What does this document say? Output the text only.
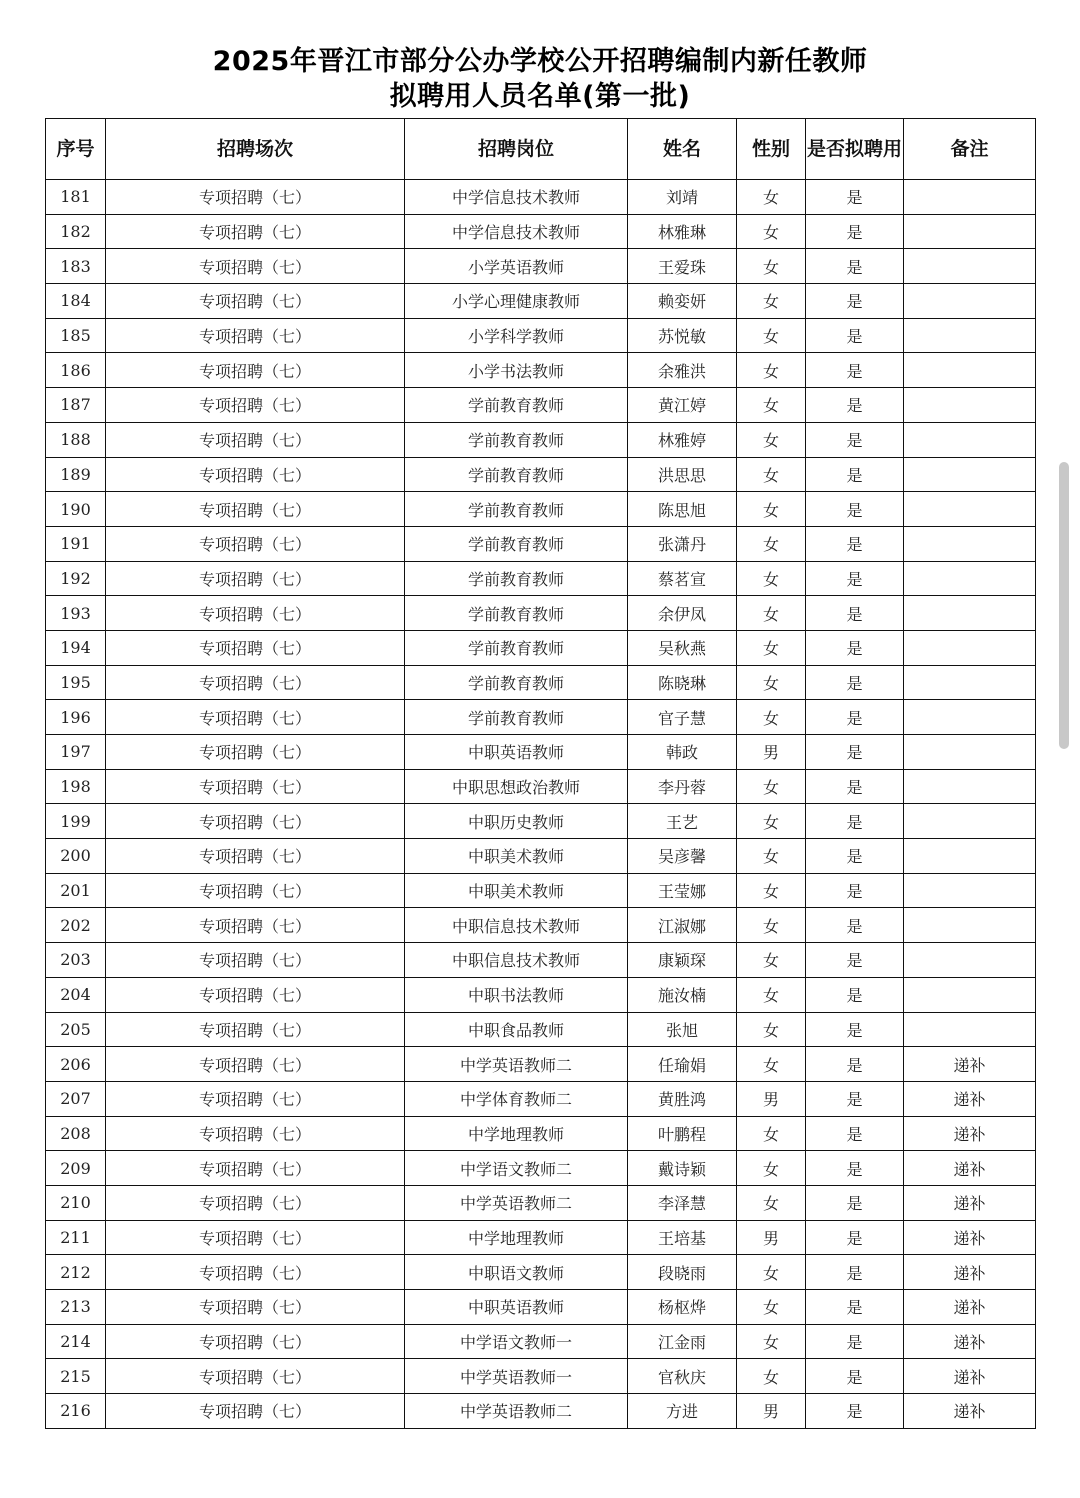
2025年晋江市部分公办学校公开招聘编制内新任教师
拟聘用人员名单(第一批)
序号	招聘场次	招聘岗位	姓名	性别	是否拟聘用	备注
181	专项招聘（七）	中学信息技术教师	刘靖	女	是	
182	专项招聘（七）	中学信息技术教师	林雅琳	女	是	
183	专项招聘（七）	小学英语教师	王爱珠	女	是	
184	专项招聘（七）	小学心理健康教师	赖娈妍	女	是	
185	专项招聘（七）	小学科学教师	苏悦敏	女	是	
186	专项招聘（七）	小学书法教师	余雅洪	女	是	
187	专项招聘（七）	学前教育教师	黄江婷	女	是	
188	专项招聘（七）	学前教育教师	林雅婷	女	是	
189	专项招聘（七）	学前教育教师	洪思思	女	是	
190	专项招聘（七）	学前教育教师	陈思旭	女	是	
191	专项招聘（七）	学前教育教师	张潇丹	女	是	
192	专项招聘（七）	学前教育教师	蔡茗宣	女	是	
193	专项招聘（七）	学前教育教师	余伊凤	女	是	
194	专项招聘（七）	学前教育教师	吴秋燕	女	是	
195	专项招聘（七）	学前教育教师	陈晓琳	女	是	
196	专项招聘（七）	学前教育教师	官子慧	女	是	
197	专项招聘（七）	中职英语教师	韩政	男	是	
198	专项招聘（七）	中职思想政治教师	李丹蓉	女	是	
199	专项招聘（七）	中职历史教师	王艺	女	是	
200	专项招聘（七）	中职美术教师	吴彦馨	女	是	
201	专项招聘（七）	中职美术教师	王莹娜	女	是	
202	专项招聘（七）	中职信息技术教师	江淑娜	女	是	
203	专项招聘（七）	中职信息技术教师	康颖琛	女	是	
204	专项招聘（七）	中职书法教师	施汝楠	女	是	
205	专项招聘（七）	中职食品教师	张旭	女	是	
206	专项招聘（七）	中学英语教师二	任瑜娟	女	是	递补
207	专项招聘（七）	中学体育教师二	黄胜鸿	男	是	递补
208	专项招聘（七）	中学地理教师	叶鹏程	女	是	递补
209	专项招聘（七）	中学语文教师二	戴诗颖	女	是	递补
210	专项招聘（七）	中学英语教师二	李泽慧	女	是	递补
211	专项招聘（七）	中学地理教师	王培基	男	是	递补
212	专项招聘（七）	中职语文教师	段晓雨	女	是	递补
213	专项招聘（七）	中职英语教师	杨枢烨	女	是	递补
214	专项招聘（七）	中学语文教师一	江金雨	女	是	递补
215	专项招聘（七）	中学英语教师一	官秋庆	女	是	递补
216	专项招聘（七）	中学英语教师二	方进	男	是	递补
